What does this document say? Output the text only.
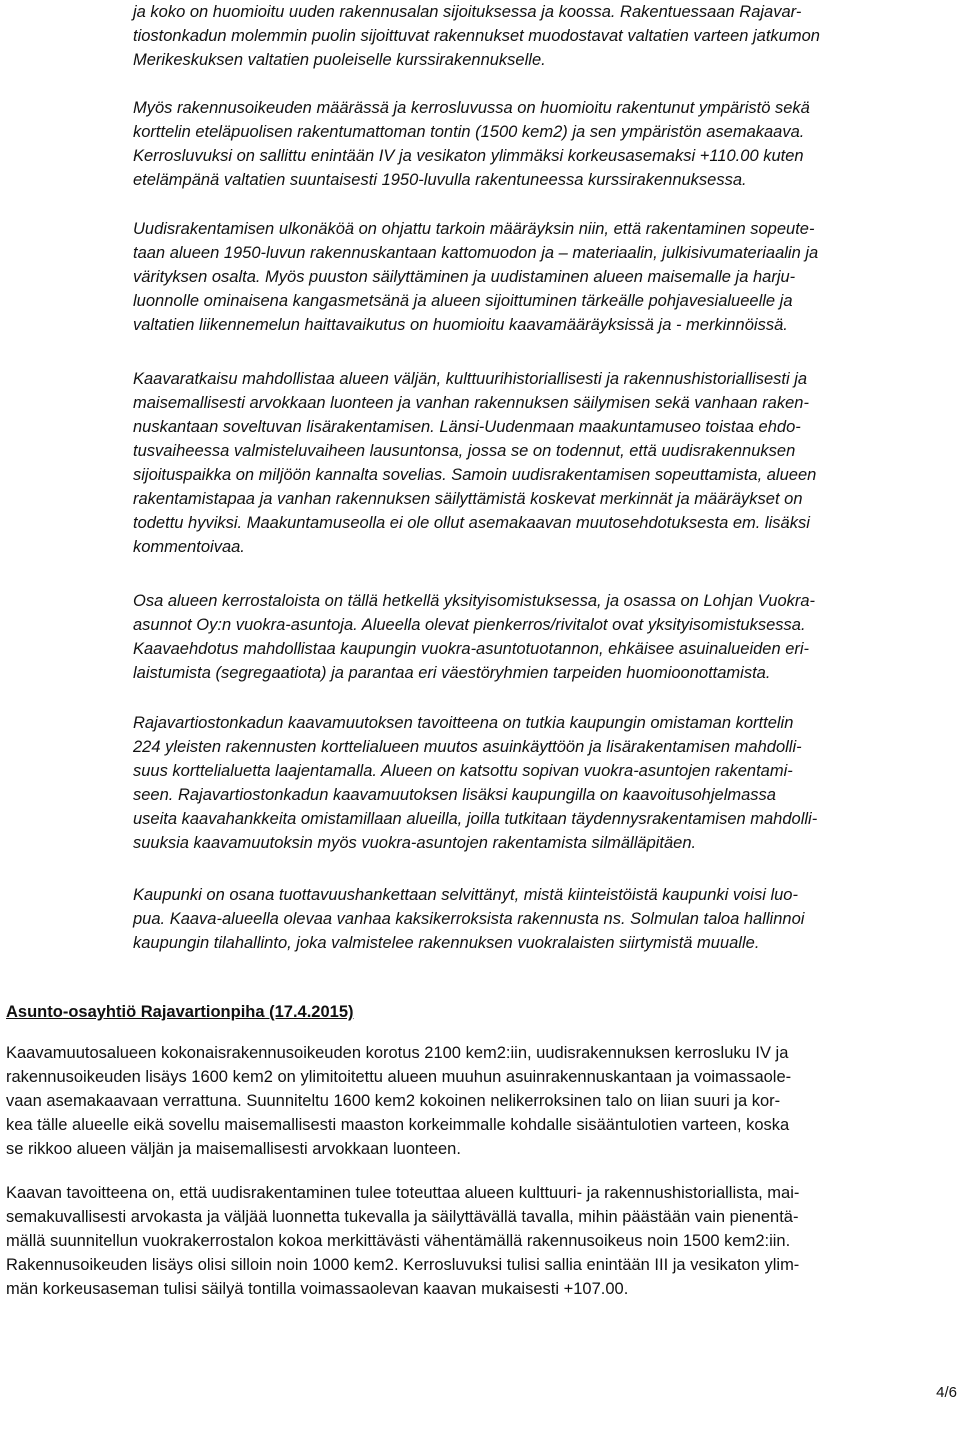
ja koko on huomioitu uuden rakennusalan sijoituksessa ja koossa. Rakentuessaan Rajavar-
tiostonkadun molemmin puolin sijoittuvat rakennukset muodostavat valtatien varteen jatkumon
Merikeskuksen valtatien puoleiselle kurssirakennukselle.
Myös rakennusoikeuden määrässä ja kerrosluvussa on huomioitu rakentunut ympäristö sekä
korttelin eteläpuolisen rakentumattoman tontin (1500 kem2) ja sen ympäristön asemakaava.
Kerrosluvuksi on sallittu enintään IV ja vesikaton ylimmäksi korkeusasemaksi +110.00 kuten
etelämpänä valtatien suuntaisesti 1950-luvulla rakentuneessa kurssirakennuksessa.
Uudisrakentamisen ulkonäköä on ohjattu tarkoin määräyksin niin, että rakentaminen sopeute-
taan alueen 1950-luvun rakennuskantaan kattomuodon ja – materiaalin, julkisivumateriaalin ja
värityksen osalta. Myös puuston säilyttäminen ja uudistaminen alueen maisemalle ja harju-
luonnolle ominaisena kangasmetsänä ja alueen sijoittuminen tärkeälle pohjavesialueelle ja
valtatien liikennemelun haittavaikutus on huomioitu kaavamääräyksissä ja - merkinnöissä.
Kaavaratkaisu mahdollistaa alueen väljän, kulttuurihistoriallisesti ja rakennushistoriallisesti ja
maisemallisesti arvokkaan luonteen ja vanhan rakennuksen säilymisen sekä vanhaan raken-
nuskantaan soveltuvan lisärakentamisen. Länsi-Uudenmaan maakuntamuseo toistaa ehdo-
tusvaiheessa valmisteluvaiheen lausuntonsa, jossa se on todennut, että uudisrakennuksen
sijoituspaikka on miljöön kannalta sovelias. Samoin uudisrakentamisen sopeuttamista, alueen
rakentamistapaa ja vanhan rakennuksen säilyttämistä koskevat merkinnät ja määräykset on
todettu hyviksi. Maakuntamuseolla ei ole ollut asemakaavan muutosehdotuksesta em. lisäksi
kommentoivaa.
Osa alueen kerrostaloista on tällä hetkellä yksityisomistuksessa, ja osassa on Lohjan Vuokra-
asunnot Oy:n vuokra-asuntoja. Alueella olevat pienkerros/rivitalot ovat yksityisomistuksessa.
Kaavaehdotus mahdollistaa kaupungin vuokra-asuntotuotannon, ehkäisee asuinalueiden eri-
laistumista (segregaatiota) ja parantaa eri väestöryhmien tarpeiden huomioonottamista.
Rajavartiostonkadun kaavamuutoksen tavoitteena on tutkia kaupungin omistaman korttelin
224 yleisten rakennusten korttelialueen muutos asuinkäyttöön ja lisärakentamisen mahdolli-
suus korttelialuetta laajentamalla. Alueen on katsottu sopivan vuokra-asuntojen rakentami-
seen. Rajavartiostonkadun kaavamuutoksen lisäksi kaupungilla on kaavoitusohjelmassa
useita kaavahankkeita omistamillaan alueilla, joilla tutkitaan täydennysrakentamisen mahdolli-
suuksia kaavamuutoksin myös vuokra-asuntojen rakentamista silmälläpitäen.
Kaupunki on osana tuottavuushankettaan selvittänyt, mistä kiinteistöistä kaupunki voisi luo-
pua. Kaava-alueella olevaa vanhaa kaksikerroksista rakennusta ns. Solmulan taloa hallinnoi
kaupungin tilahallinto, joka valmistelee rakennuksen vuokralaisten siirtymistä muualle.
Asunto-osayhtiö Rajavartionpiha (17.4.2015)
Kaavamuutosalueen kokonaisrakennusoikeuden korotus 2100 kem2:iin, uudisrakennuksen kerrosluku IV ja
rakennusoikeuden lisäys 1600 kem2 on ylimitoitettu alueen muuhun asuinrakennuskantaan ja voimassaole-
vaan asemakaavaan verrattuna. Suunniteltu 1600 kem2 kokoinen nelikerroksinen talo on liian suuri ja kor-
kea tälle alueelle eikä sovellu maisemallisesti maaston korkeimmalle kohdalle sisääntulotien varteen, koska
se rikkoo alueen väljän ja maisemallisesti arvokkaan luonteen.
Kaavan tavoitteena on, että uudisrakentaminen tulee toteuttaa alueen kulttuuri- ja rakennushistoriallista, mai-
semakuvallisesti arvokasta ja väljää luonnetta tukevalla ja säilyttävällä tavalla, mihin päästään vain pienentä-
mällä suunnitellun vuokrakerrostalon kokoa merkittävästi vähentämällä rakennusoikeus noin 1500 kem2:iin.
Rakennusoikeuden lisäys olisi silloin noin 1000 kem2. Kerrosluvuksi tulisi sallia enintään III ja vesikaton ylim-
män korkeusaseman tulisi säilyä tontilla voimassaolevan kaavan mukaisesti +107.00.
4/6
